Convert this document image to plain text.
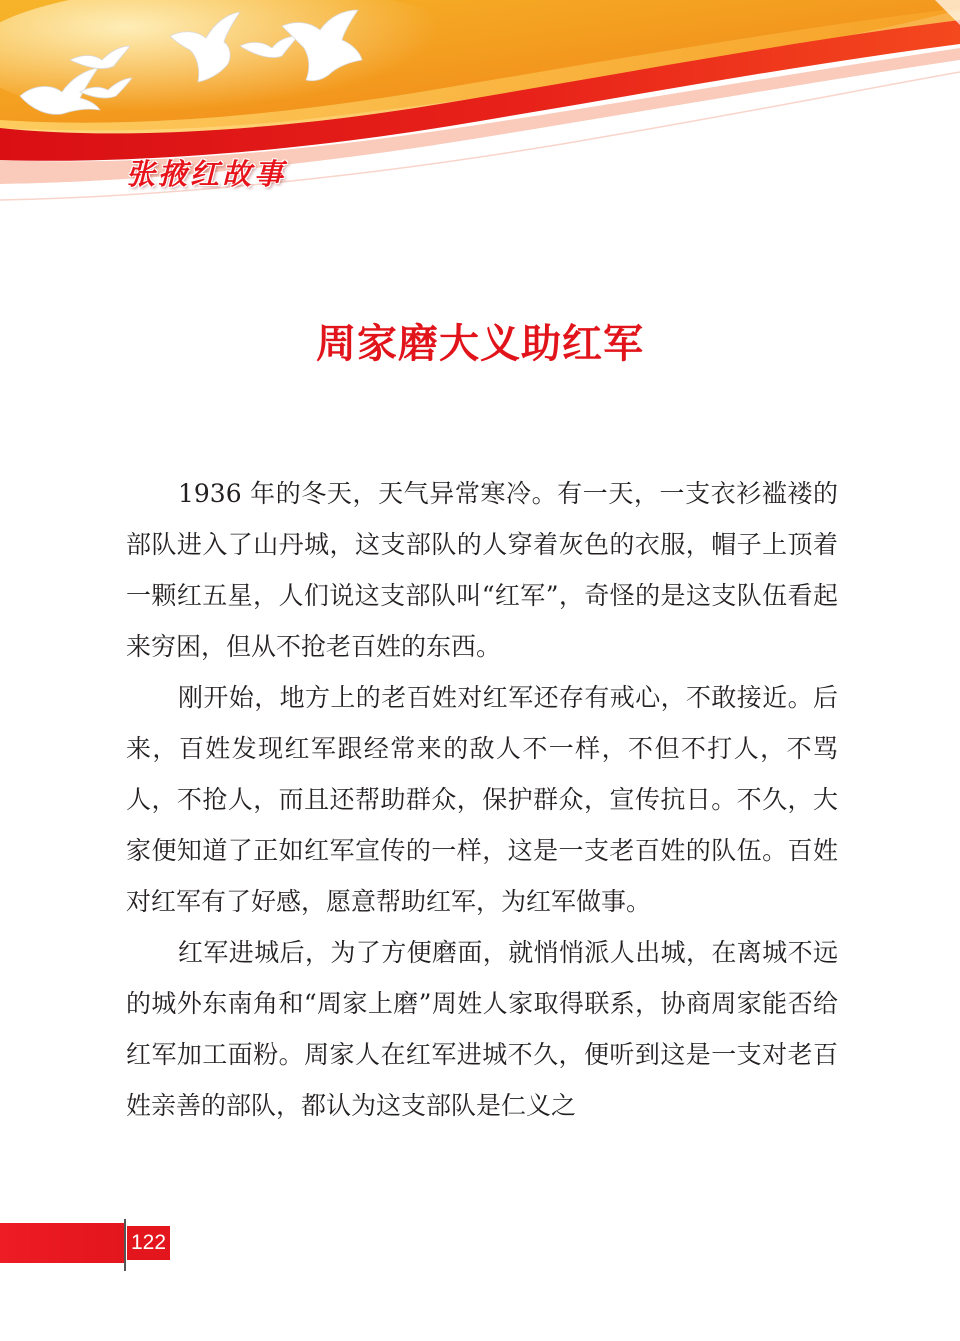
张掖红故事
周家磨大义助红军

1936 年的冬天，天气异常寒冷。有一天，一支衣衫褴褛的部队进入了山丹城，这支部队的人穿着灰色的衣服，帽子上顶着一颗红五星，人们说这支部队叫“红军”，奇怪的是这支队伍看起来穷困，但从不抢老百姓的东西。

刚开始，地方上的老百姓对红军还存有戒心，不敢接近。后来，百姓发现红军跟经常来的敌人不一样，不但不打人，不骂人，不抢人，而且还帮助群众，保护群众，宣传抗日。不久，大家便知道了正如红军宣传的一样，这是一支老百姓的队伍。百姓对红军有了好感，愿意帮助红军，为红军做事。

红军进城后，为了方便磨面，就悄悄派人出城，在离城不远的城外东南角和“周家上磨”周姓人家取得联系，协商周家能否给红军加工面粉。周家人在红军进城不久，便听到这是一支对老百姓亲善的部队，都认为这支部队是仁义之

122
